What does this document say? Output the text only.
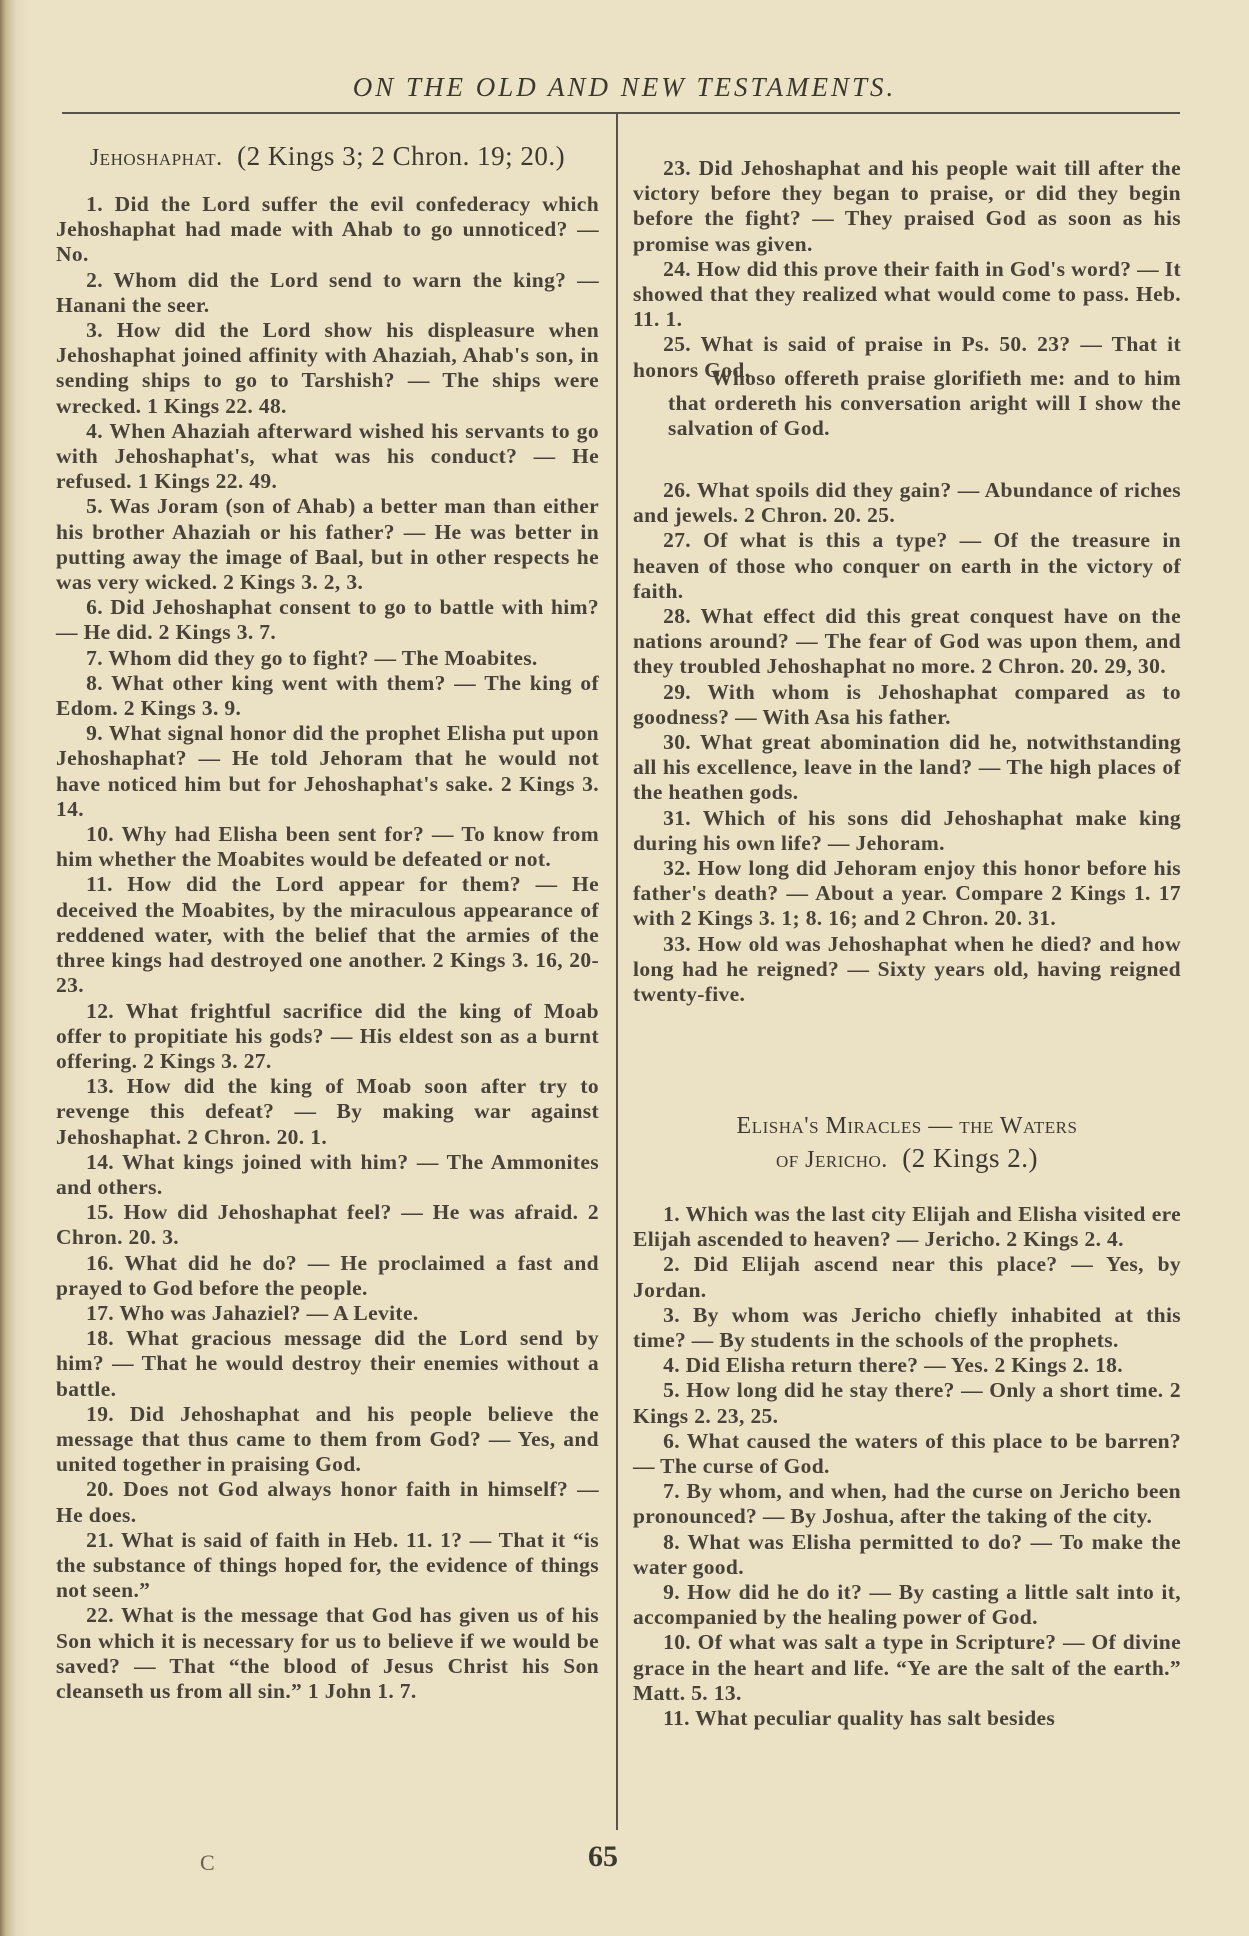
ON THE OLD AND NEW TESTAMENTS.
Jehoshaphat. (2 Kings 3; 2 Chron. 19; 20.)

1. Did the Lord suffer the evil confederacy which Jehoshaphat had made with Ahab to go unnoticed? — No.

2. Whom did the Lord send to warn the king? — Hanani the seer.

3. How did the Lord show his displeasure when Jehoshaphat joined affinity with Ahaziah, Ahab's son, in sending ships to go to Tarshish? — The ships were wrecked. 1 Kings 22. 48.

4. When Ahaziah afterward wished his servants to go with Jehoshaphat's, what was his conduct? — He refused. 1 Kings 22. 49.

5. Was Joram (son of Ahab) a better man than either his brother Ahaziah or his father? — He was better in putting away the image of Baal, but in other respects he was very wicked. 2 Kings 3. 2, 3.

6. Did Jehoshaphat consent to go to battle with him? — He did. 2 Kings 3. 7.

7. Whom did they go to fight? — The Moabites.

8. What other king went with them? — The king of Edom. 2 Kings 3. 9.

9. What signal honor did the prophet Elisha put upon Jehoshaphat? — He told Jehoram that he would not have noticed him but for Jehoshaphat's sake. 2 Kings 3. 14.

10. Why had Elisha been sent for? — To know from him whether the Moabites would be defeated or not.

11. How did the Lord appear for them? — He deceived the Moabites, by the miraculous appearance of reddened water, with the belief that the armies of the three kings had destroyed one another. 2 Kings 3. 16, 20-23.

12. What frightful sacrifice did the king of Moab offer to propitiate his gods? — His eldest son as a burnt offering. 2 Kings 3. 27.

13. How did the king of Moab soon after try to revenge this defeat? — By making war against Jehoshaphat. 2 Chron. 20. 1.

14. What kings joined with him? — The Ammonites and others.

15. How did Jehoshaphat feel? — He was afraid. 2 Chron. 20. 3.

16. What did he do? — He proclaimed a fast and prayed to God before the people.

17. Who was Jahaziel? — A Levite.

18. What gracious message did the Lord send by him? — That he would destroy their enemies without a battle.

19. Did Jehoshaphat and his people believe the message that thus came to them from God? — Yes, and united together in praising God.

20. Does not God always honor faith in himself? — He does.

21. What is said of faith in Heb. 11. 1? — That it “is the substance of things hoped for, the evidence of things not seen.”

22. What is the message that God has given us of his Son which it is necessary for us to believe if we would be saved? — That “the blood of Jesus Christ his Son cleanseth us from all sin.” 1 John 1. 7.

23. Did Jehoshaphat and his people wait till after the victory before they began to praise, or did they begin before the fight? — They praised God as soon as his promise was given.

24. How did this prove their faith in God's word? — It showed that they realized what would come to pass. Heb. 11. 1.

25. What is said of praise in Ps. 50. 23? — That it honors God.

Whoso offereth praise glorifieth me: and to him that ordereth his conversation aright will I show the salvation of God.

26. What spoils did they gain? — Abundance of riches and jewels. 2 Chron. 20. 25.

27. Of what is this a type? — Of the treasure in heaven of those who conquer on earth in the victory of faith.

28. What effect did this great conquest have on the nations around? — The fear of God was upon them, and they troubled Jehoshaphat no more. 2 Chron. 20. 29, 30.

29. With whom is Jehoshaphat compared as to goodness? — With Asa his father.

30. What great abomination did he, notwithstanding all his excellence, leave in the land? — The high places of the heathen gods.

31. Which of his sons did Jehoshaphat make king during his own life? — Jehoram.

32. How long did Jehoram enjoy this honor before his father's death? — About a year. Compare 2 Kings 1. 17 with 2 Kings 3. 1; 8. 16; and 2 Chron. 20. 31.

33. How old was Jehoshaphat when he died? and how long had he reigned? — Sixty years old, having reigned twenty-five.

Elisha's Miracles — the Waters
of Jericho. (2 Kings 2.)

1. Which was the last city Elijah and Elisha visited ere Elijah ascended to heaven? — Jericho. 2 Kings 2. 4.

2. Did Elijah ascend near this place? — Yes, by Jordan.

3. By whom was Jericho chiefly inhabited at this time? — By students in the schools of the prophets.

4. Did Elisha return there? — Yes. 2 Kings 2. 18.

5. How long did he stay there? — Only a short time. 2 Kings 2. 23, 25.

6. What caused the waters of this place to be barren? — The curse of God.

7. By whom, and when, had the curse on Jericho been pronounced? — By Joshua, after the taking of the city.

8. What was Elisha permitted to do? — To make the water good.

9. How did he do it? — By casting a little salt into it, accompanied by the healing power of God.

10. Of what was salt a type in Scripture? — Of divine grace in the heart and life. “Ye are the salt of the earth.” Matt. 5. 13.

11. What peculiar quality has salt besides

C	65
